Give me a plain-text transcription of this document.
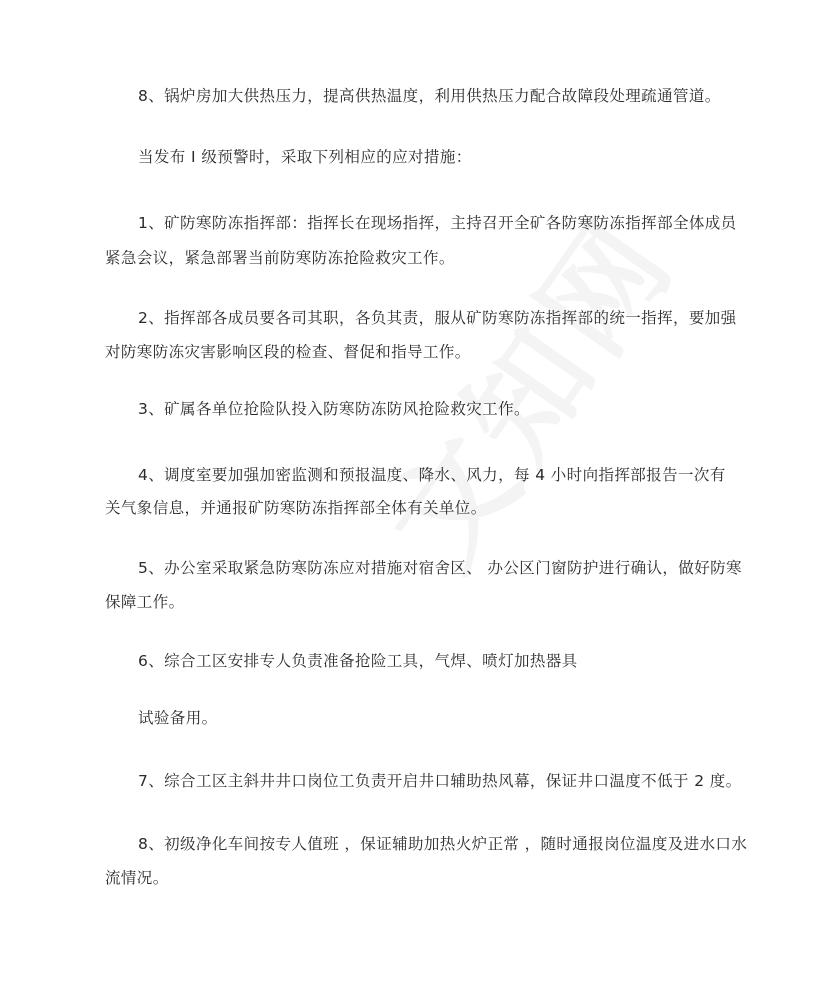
8、锅炉房加大供热压力，提高供热温度，利用供热压力配合故障段处理疏通管道。
当发布 I 级预警时，采取下列相应的应对措施：
1、矿防寒防冻指挥部：指挥长在现场指挥，主持召开全矿各防寒防冻指挥部全体成员
紧急会议，紧急部署当前防寒防冻抢险救灾工作。
2、指挥部各成员要各司其职，各负其责，服从矿防寒防冻指挥部的统一指挥，要加强
对防寒防冻灾害影响区段的检查、督促和指导工作。
3、矿属各单位抢险队投入防寒防冻防风抢险救灾工作。
4、调度室要加强加密监测和预报温度、降水、风力，每 4 小时向指挥部报告一次有
关气象信息，并通报矿防寒防冻指挥部全体有关单位。
5、办公室采取紧急防寒防冻应对措施对宿舍区、 办公区门窗防护进行确认，做好防寒
保障工作。
6、综合工区安排专人负责准备抢险工具，气焊、喷灯加热器具
试验备用。
7、综合工区主斜井井口岗位工负责开启井口辅助热风幕，保证井口温度不低于 2 度。
8、初级净化车间按专人值班 ，保证辅助加热火炉正常 ，随时通报岗位温度及进水口水
流情况。
